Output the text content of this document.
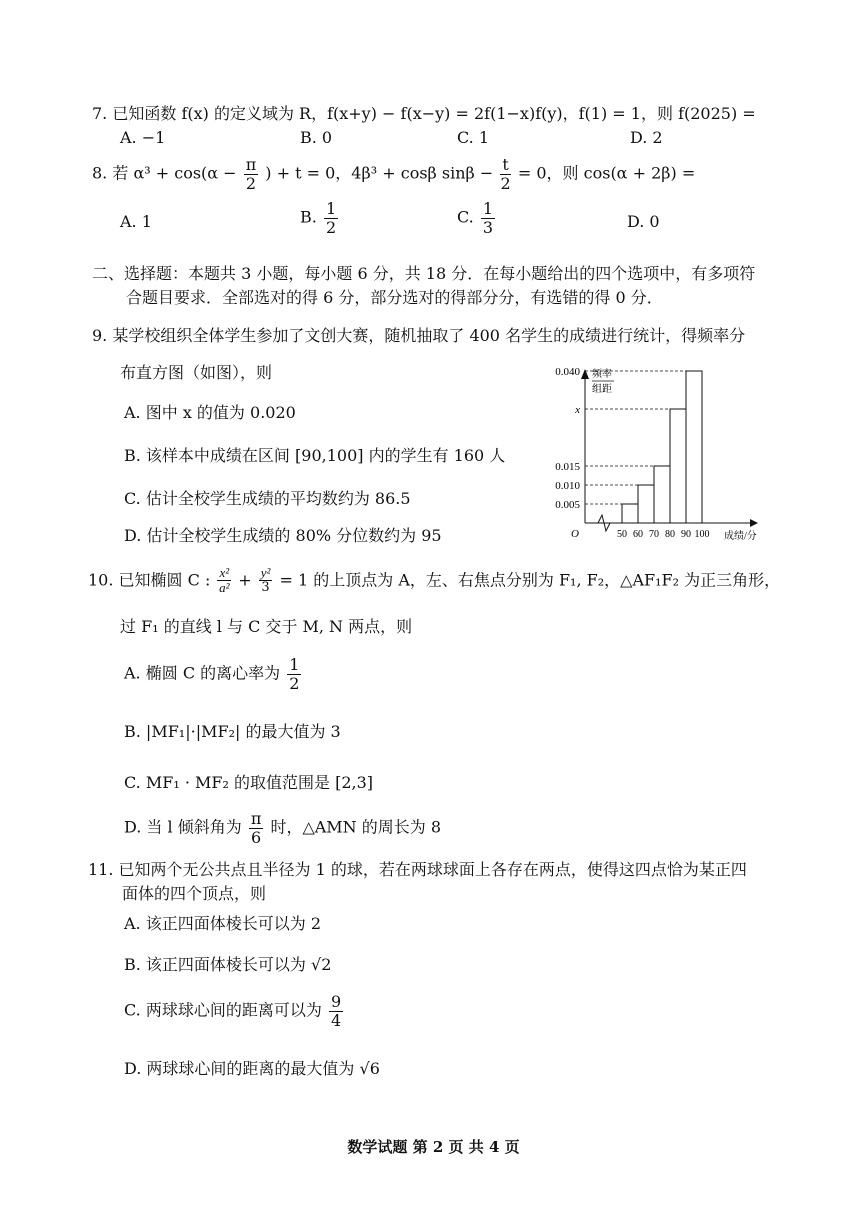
7. 已知函数 f(x) 的定义域为 R，f(x+y) − f(x−y) = 2f(1−x)f(y)，f(1) = 1，则 f(2025) =
A. −1	B. 0	C. 1	D. 2
8. 若 $\alpha^3 + \cos(\alpha - \frac{\pi}{2}$ ) + t = 0，4β³ + cosβ $\sin\beta - \frac{t}{2} = 0$，则 cos(α + 2β) =
A. 1	B. $\frac{1}{2}$	C. $\frac{1}{3}$	D. 0
二、选择题：本题共 3 小题，每小题 6 分，共 18 分．在每小题给出的四个选项中，有多项符
合题目要求．全部选对的得 6 分，部分选对的得部分分，有选错的得 0 分．
9. 某学校组织全体学生参加了文创大赛，随机抽取了 400 名学生的成绩进行统计，得频率分
布直方图（如图），则
A. 图中 x 的值为 0.020
B. 该样本中成绩在区间 [90,100] 内的学生有 160 人
C. 估计全校学生成绩的平均数约为 86.5
D. 估计全校学生成绩的 80% 分位数约为 95
频率
组距
0.040
x
0.015
0.010
0.005
50 60 70 80 90 100
O	成绩/分
10. 已知椭圆 C : $\frac{\text{x²}}{\text{a²}} + \frac{\text{y²}}{3} = 1$ 的上顶点为 A，左、右焦点分别为 F₁, F₂，△AF₁F₂ 为正三角形，
过 F₁ 的直线 l 与 C 交于 M, N 两点，则
A. 椭圆 C 的离心率为 $\frac{1}{2}$
B. |MF₁|·|MF₂| 的最大值为 3
C. MF₁ · MF₂ 的取值范围是 [2,3]
D. 当 l 倾斜角为 $\frac{\pi}{6}$ 时，△AMN 的周长为 8
11. 已知两个无公共点且半径为 1 的球，若在两球球面上各存在两点，使得这四点恰为某正四
面体的四个顶点，则
A. 该正四面体棱长可以为 2
B. 该正四面体棱长可以为 √2
C. 两球球心间的距离可以为 $\frac{9}{4}$
D. 两球球心间的距离的最大值为 √6
数学试题 第 2 页 共 4 页
